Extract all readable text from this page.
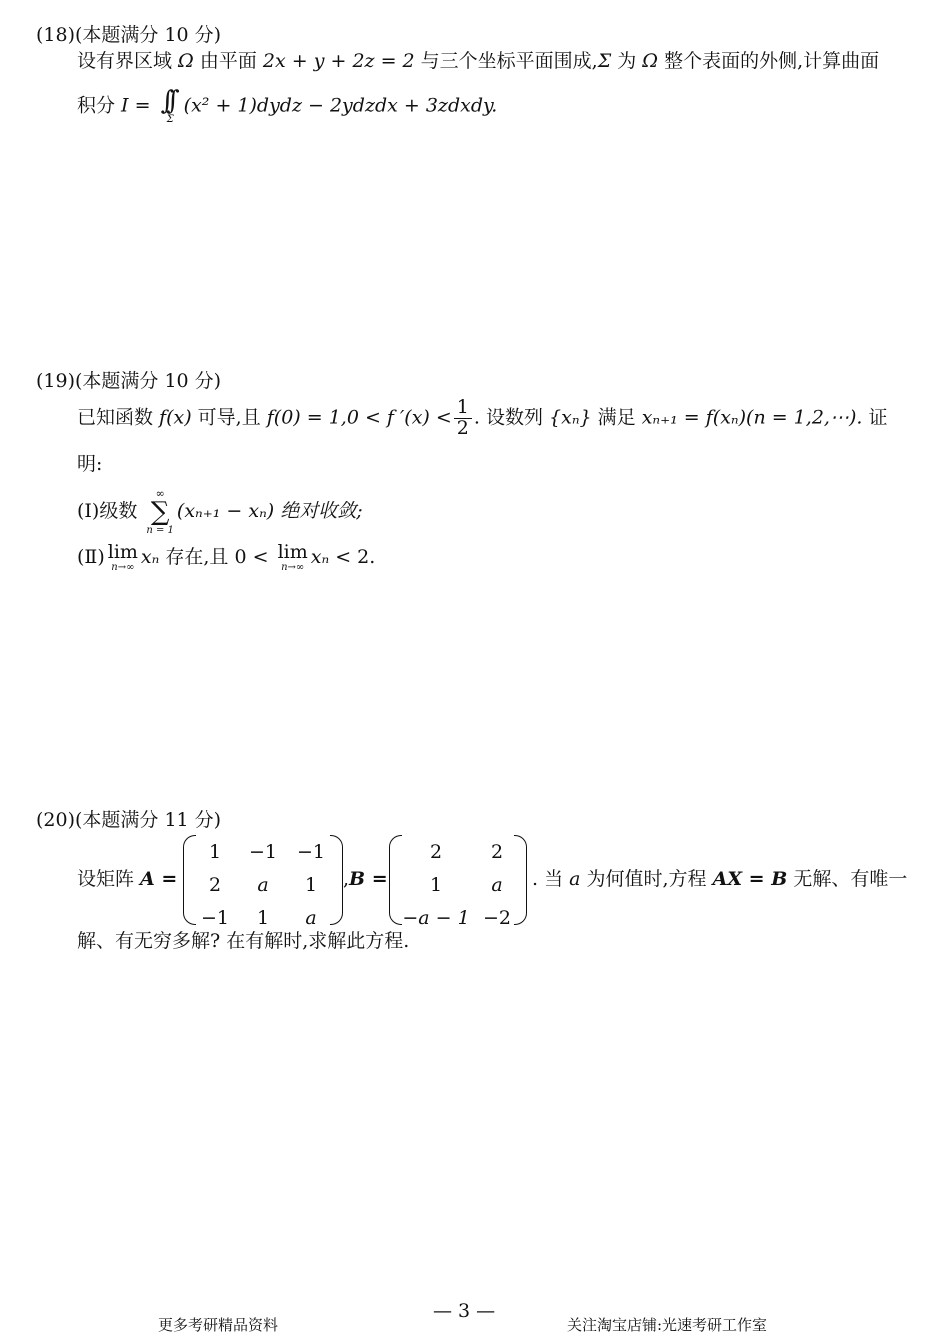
(18)(本题满分 10 分)
设有界区域 Ω 由平面 2x + y + 2z = 2 与三个坐标平面围成,Σ 为 Ω 整个表面的外侧,计算曲面
积分 I = ∫∫
Σ
(x² + 1)dydz − 2ydzdx + 3zdxdy.
(19)(本题满分 10 分)
已知函数 f(x) 可导,且 f(0) = 1,0 < f $'(x) < \frac{1}{2}$ . 设数列 {xₙ} 满足 xₙ₊₁ = f(xₙ)(n = 1,2,⋯). 证
明:
(Ⅰ)级数
∞
∑
n = 1
(xₙ₊₁ − xₙ) 绝对收敛;
(Ⅱ) lim
n→∞ xₙ 存在,且 0 < lim
n→∞ xₙ < 2.
(20)(本题满分 11 分)
设矩阵 A =
1	−1	−1
2	a	1
−1	1	a
,B =
2	2
1	a
−a − 1	−2
. 当 a 为何值时,方程 AX = B 无解、有唯一
解、有无穷多解? 在有解时,求解此方程.
更多考研精品资料
— 3 —
关注淘宝店铺:光速考研工作室
